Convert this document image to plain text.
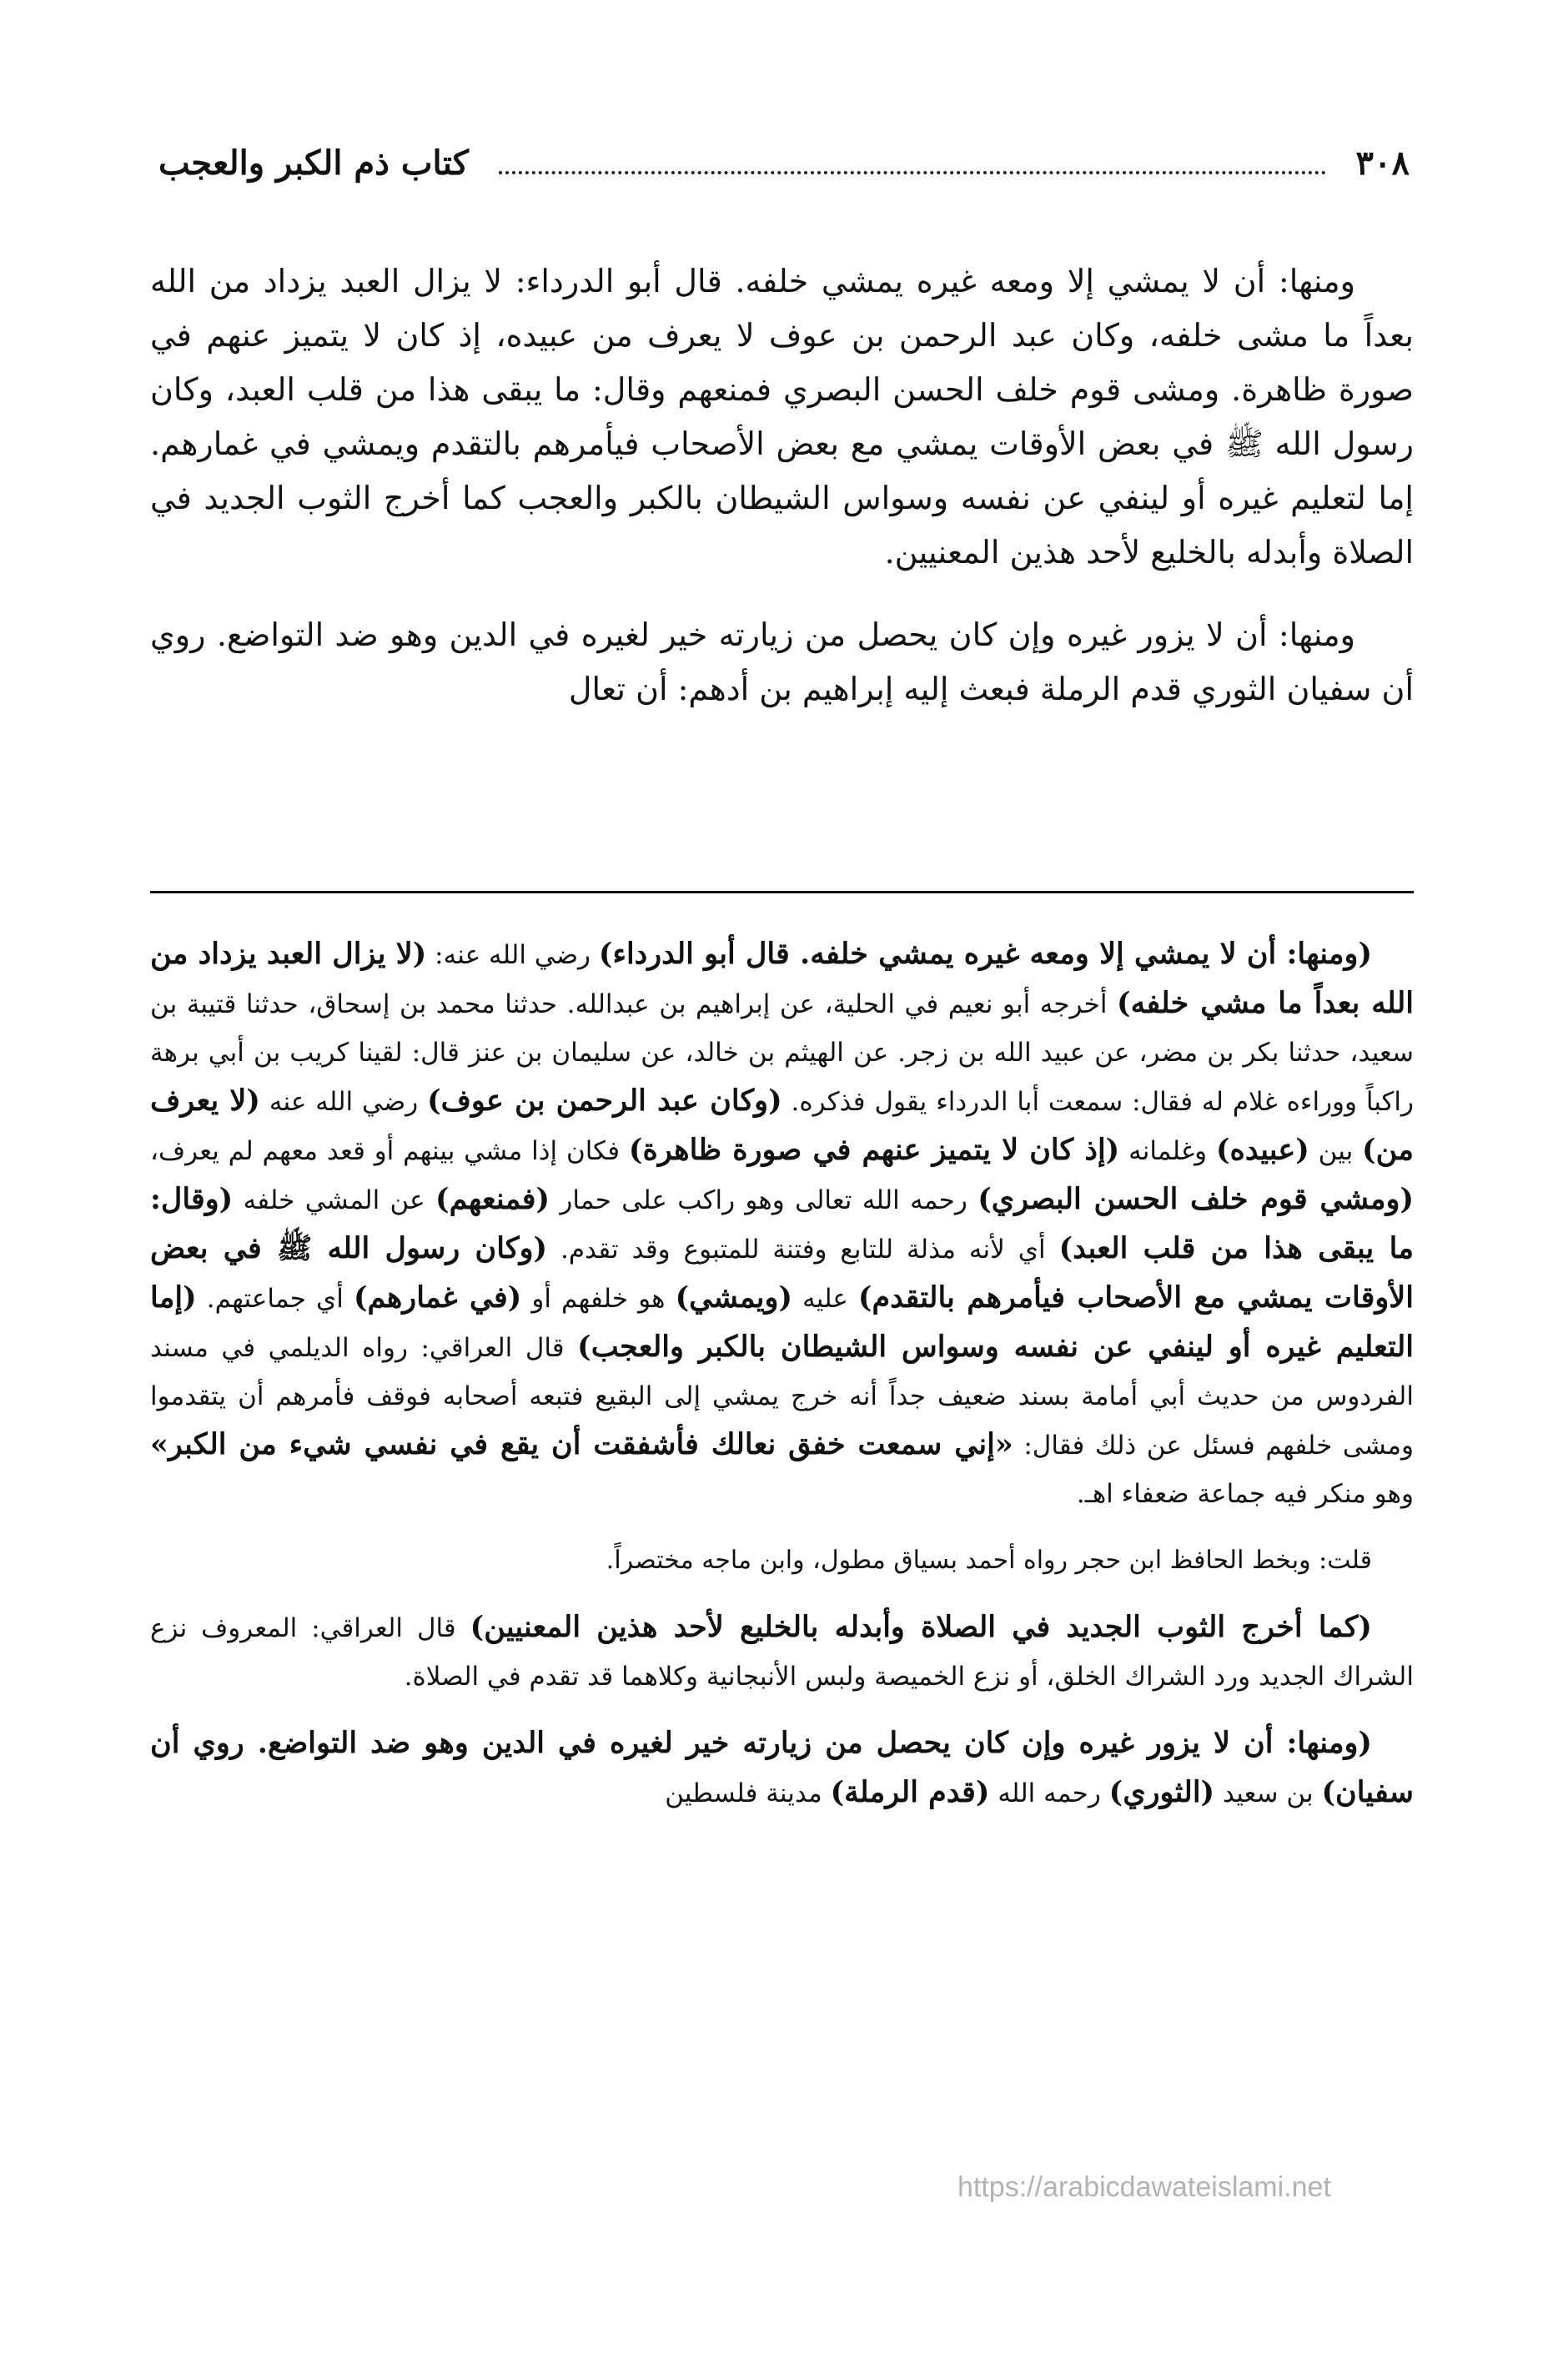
٣٠٨
كتاب ذم الكبر والعجب

ومنها: أن لا يمشي إلا ومعه غيره يمشي خلفه. قال أبو الدرداء: لا يزال العبد يزداد من الله بعداً ما مشى خلفه، وكان عبد الرحمن بن عوف لا يعرف من عبيده، إذ كان لا يتميز عنهم في صورة ظاهرة. ومشى قوم خلف الحسن البصري فمنعهم وقال: ما يبقى هذا من قلب العبد، وكان رسول الله ﷺ في بعض الأوقات يمشي مع بعض الأصحاب فيأمرهم بالتقدم ويمشي في غمارهم. إما لتعليم غيره أو لينفي عن نفسه وسواس الشيطان بالكبر والعجب كما أخرج الثوب الجديد في الصلاة وأبدله بالخليع لأحد هذين المعنيين.

ومنها: أن لا يزور غيره وإن كان يحصل من زيارته خير لغيره في الدين وهو ضد التواضع. روي أن سفيان الثوري قدم الرملة فبعث إليه إبراهيم بن أدهم: أن تعال

(ومنها: أن لا يمشي إلا ومعه غيره يمشي خلفه. قال أبو الدرداء) رضي الله عنه: (لا يزال العبد يزداد من الله بعداً ما مشي خلفه) أخرجه أبو نعيم في الحلية، عن إبراهيم بن عبدالله. حدثنا محمد بن إسحاق، حدثنا قتيبة بن سعيد، حدثنا بكر بن مضر، عن عبيد الله بن زجر. عن الهيثم بن خالد، عن سليمان بن عنز قال: لقينا كريب بن أبي برهة راكباً ووراءه غلام له فقال: سمعت أبا الدرداء يقول فذكره. (وكان عبد الرحمن بن عوف) رضي الله عنه (لا يعرف من) بين (عبيده) وغلمانه (إذ كان لا يتميز عنهم في صورة ظاهرة) فكان إذا مشي بينهم أو قعد معهم لم يعرف، (ومشي قوم خلف الحسن البصري) رحمه الله تعالى وهو راكب على حمار (فمنعهم) عن المشي خلفه (وقال: ما يبقى هذا من قلب العبد) أي لأنه مذلة للتابع وفتنة للمتبوع وقد تقدم. (وكان رسول الله ﷺ في بعض الأوقات يمشي مع الأصحاب فيأمرهم بالتقدم) عليه (ويمشي) هو خلفهم أو (في غمارهم) أي جماعتهم. (إما التعليم غيره أو لينفي عن نفسه وسواس الشيطان بالكبر والعجب) قال العراقي: رواه الديلمي في مسند الفردوس من حديث أبي أمامة بسند ضعيف جداً أنه خرج يمشي إلى البقيع فتبعه أصحابه فوقف فأمرهم أن يتقدموا ومشى خلفهم فسئل عن ذلك فقال: «إني سمعت خفق نعالك فأشفقت أن يقع في نفسي شيء من الكبر» وهو منكر فيه جماعة ضعفاء اهـ.

قلت: وبخط الحافظ ابن حجر رواه أحمد بسياق مطول، وابن ماجه مختصراً.

(كما أخرج الثوب الجديد في الصلاة وأبدله بالخليع لأحد هذين المعنيين) قال العراقي: المعروف نزع الشراك الجديد ورد الشراك الخلق، أو نزع الخميصة ولبس الأنبجانية وكلاهما قد تقدم في الصلاة.

(ومنها: أن لا يزور غيره وإن كان يحصل من زيارته خير لغيره في الدين وهو ضد التواضع. روي أن سفيان) بن سعيد (الثوري) رحمه الله (قدم الرملة) مدينة فلسطين

https://arabicdawateislami.net
